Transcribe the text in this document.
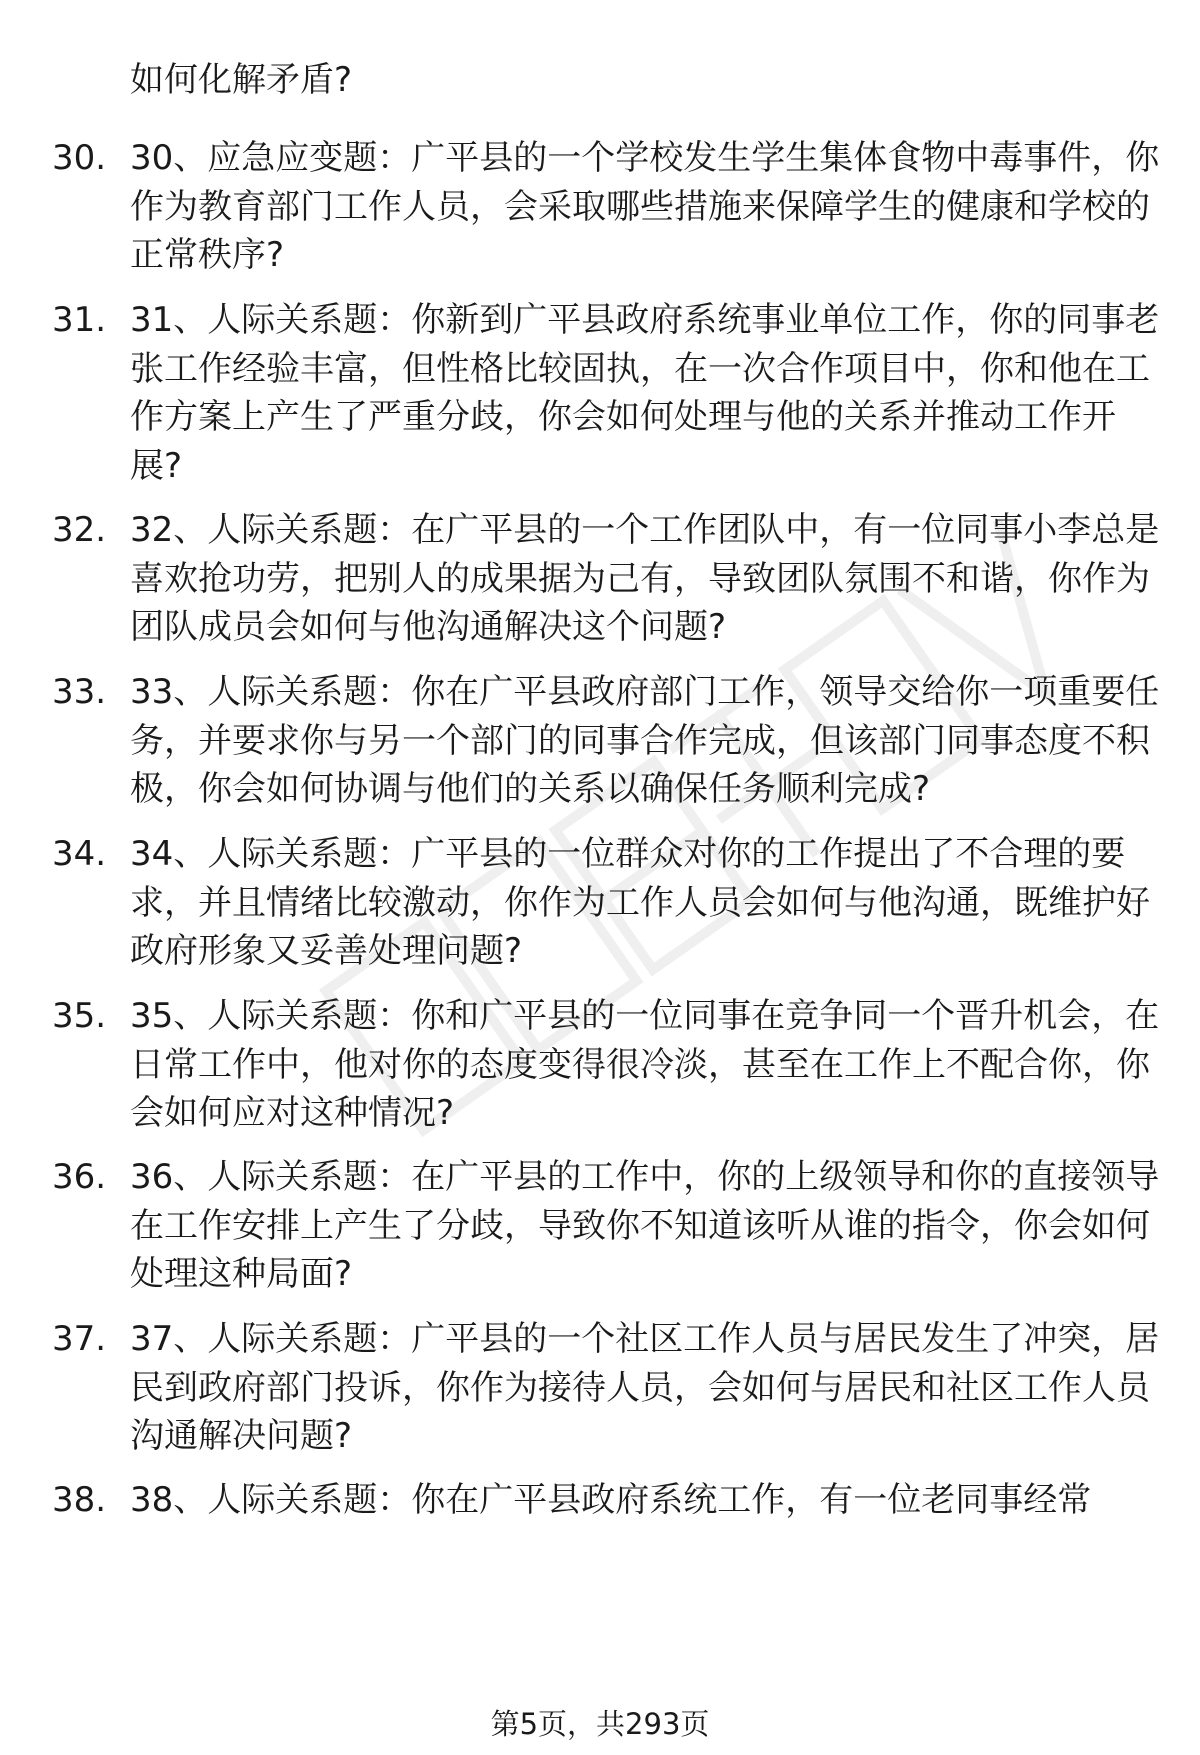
如何化解矛盾?
30. 30、应急应变题：广平县的一个学校发生学生集体食物中毒事件，你作为教育部门工作人员，会采取哪些措施来保障学生的健康和学校的正常秩序?
31. 31、人际关系题：你新到广平县政府系统事业单位工作，你的同事老张工作经验丰富，但性格比较固执，在一次合作项目中，你和他在工作方案上产生了严重分歧，你会如何处理与他的关系并推动工作开展?
32. 32、人际关系题：在广平县的一个工作团队中，有一位同事小李总是喜欢抢功劳，把别人的成果据为己有，导致团队氛围不和谐，你作为团队成员会如何与他沟通解决这个问题?
33. 33、人际关系题：你在广平县政府部门工作，领导交给你一项重要任务，并要求你与另一个部门的同事合作完成，但该部门同事态度不积极，你会如何协调与他们的关系以确保任务顺利完成?
34. 34、人际关系题：广平县的一位群众对你的工作提出了不合理的要求，并且情绪比较激动，你作为工作人员会如何与他沟通，既维护好政府形象又妥善处理问题?
35. 35、人际关系题：你和广平县的一位同事在竞争同一个晋升机会，在日常工作中，他对你的态度变得很冷淡，甚至在工作上不配合你，你会如何应对这种情况?
36. 36、人际关系题：在广平县的工作中，你的上级领导和你的直接领导在工作安排上产生了分歧，导致你不知道该听从谁的指令，你会如何处理这种局面?
37. 37、人际关系题：广平县的一个社区工作人员与居民发生了冲突，居民到政府部门投诉，你作为接待人员，会如何与居民和社区工作人员沟通解决问题?
38. 38、人际关系题：你在广平县政府系统工作，有一位老同事经常
第5页，共293页
